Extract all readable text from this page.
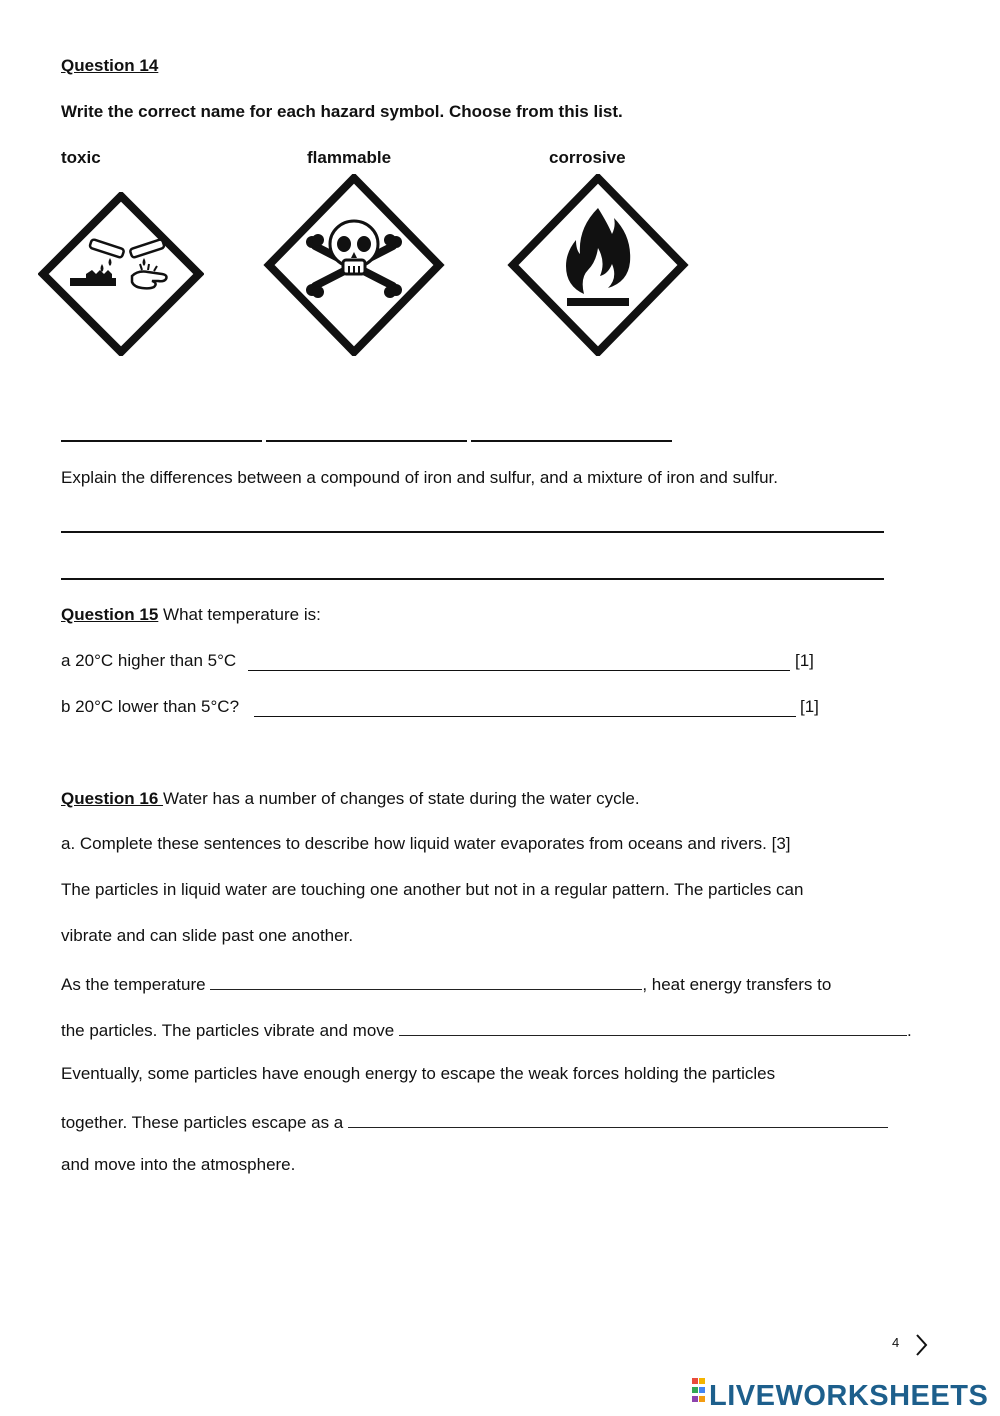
Question 14
Write the correct name for each hazard symbol. Choose from this list.
toxic	flammable	corrosive
Explain the differences between a compound of iron and sulfur, and a mixture of iron and sulfur.
Question 15 What temperature is:
a 20°C higher than 5°C	[1]
b 20°C lower than 5°C?	[1]
Question 16 Water has a number of changes of state during the water cycle.
a. Complete these sentences to describe how liquid water evaporates from oceans and rivers. [3]
The particles in liquid water are touching one another but not in a regular pattern. The particles can
vibrate and can slide past one another.
As the temperature	, heat energy transfers to
the particles. The particles vibrate and move	.
Eventually, some particles have enough energy to escape the weak forces holding the particles
together. These particles escape as a
and move into the atmosphere.
4
LIVEWORKSHEETS
